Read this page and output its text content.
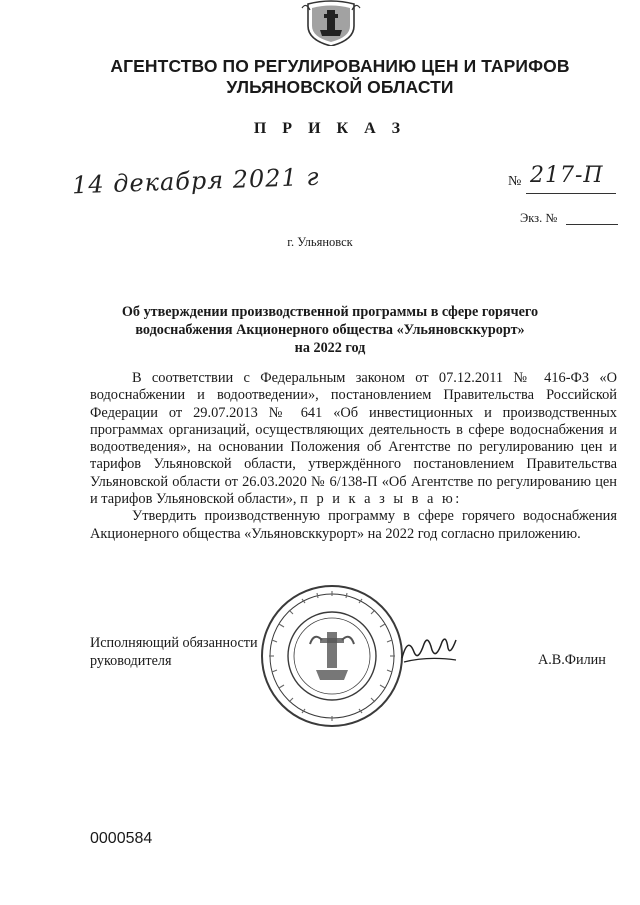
АГЕНТСТВО ПО РЕГУЛИРОВАНИЮ ЦЕН И ТАРИФОВ
УЛЬЯНОВСКОЙ ОБЛАСТИ
П Р И К А З
14 декабря 2021 г	№ 217-П
Экз. №
г. Ульяновск
Об утверждении производственной программы в сфере горячего
водоснабжения Акционерного общества «Ульяновсккурорт»
на 2022 год

В соответствии с Федеральным законом от 07.12.2011 № 416-ФЗ «О водоснабжении и водоотведении», постановлением Правительства Российской Федерации от 29.07.2013 № 641 «Об инвестиционных и производственных программах организаций, осуществляющих деятельность в сфере водоснабжения и водоотведения», на основании Положения об Агентстве по регулированию цен и тарифов Ульяновской области, утверждённого постановлением Правительства Ульяновской области от 26.03.2020 № 6/138-П «Об Агентстве по регулированию цен и тарифов Ульяновской области», п р и к а з ы в а ю:

Утвердить производственную программу в сфере горячего водоснабжения Акционерного общества «Ульяновсккурорт» на 2022 год согласно приложению.

Исполняющий обязанности
руководителя	А.В.Филин
0000584
